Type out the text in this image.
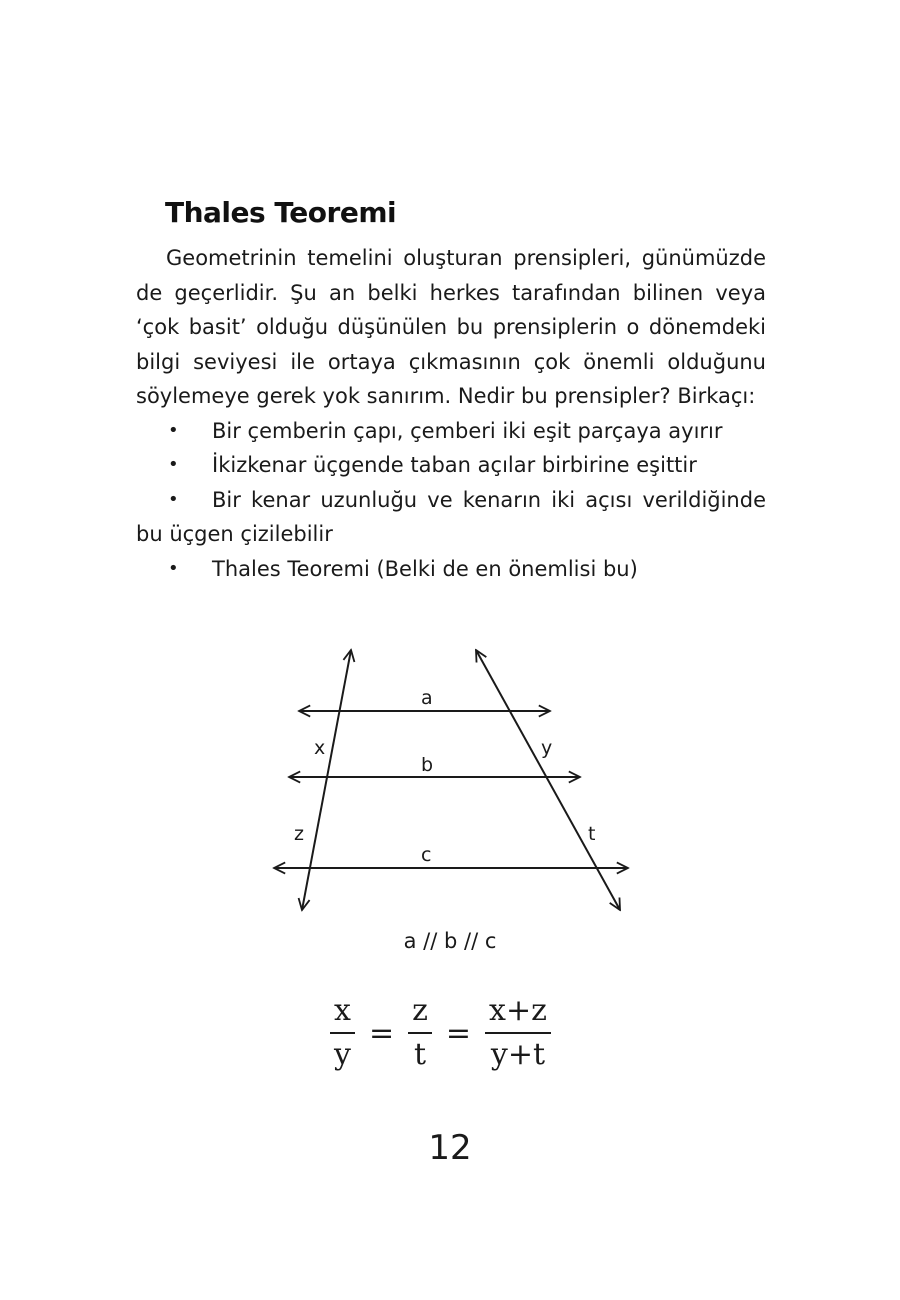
Thales Teoremi

Geometrinin temelini oluşturan prensipleri, günümüzde de geçerlidir. Şu an belki herkes tarafından bilinen veya ‘çok basit’ olduğu düşünülen bu prensiplerin o dönemdeki bilgi seviyesi ile ortaya çıkmasının çok önemli olduğunu söylemeye gerek yok sanırım. Nedir bu prensipler? Birkaçı:

• Bir çemberin çapı, çemberi iki eşit parçaya ayırır
• İkizkenar üçgende taban açılar birbirine eşittir
• Bir kenar uzunluğu ve kenarın iki açısı verildiğinde bu üçgen çizilebilir
• Thales Teoremi (Belki de en önemlisi bu)
a
b
c
x	y
z	t
a // b // c
$\frac{x}{y} = \frac{z}{t} = \frac{x+z}{y+t}$
12
